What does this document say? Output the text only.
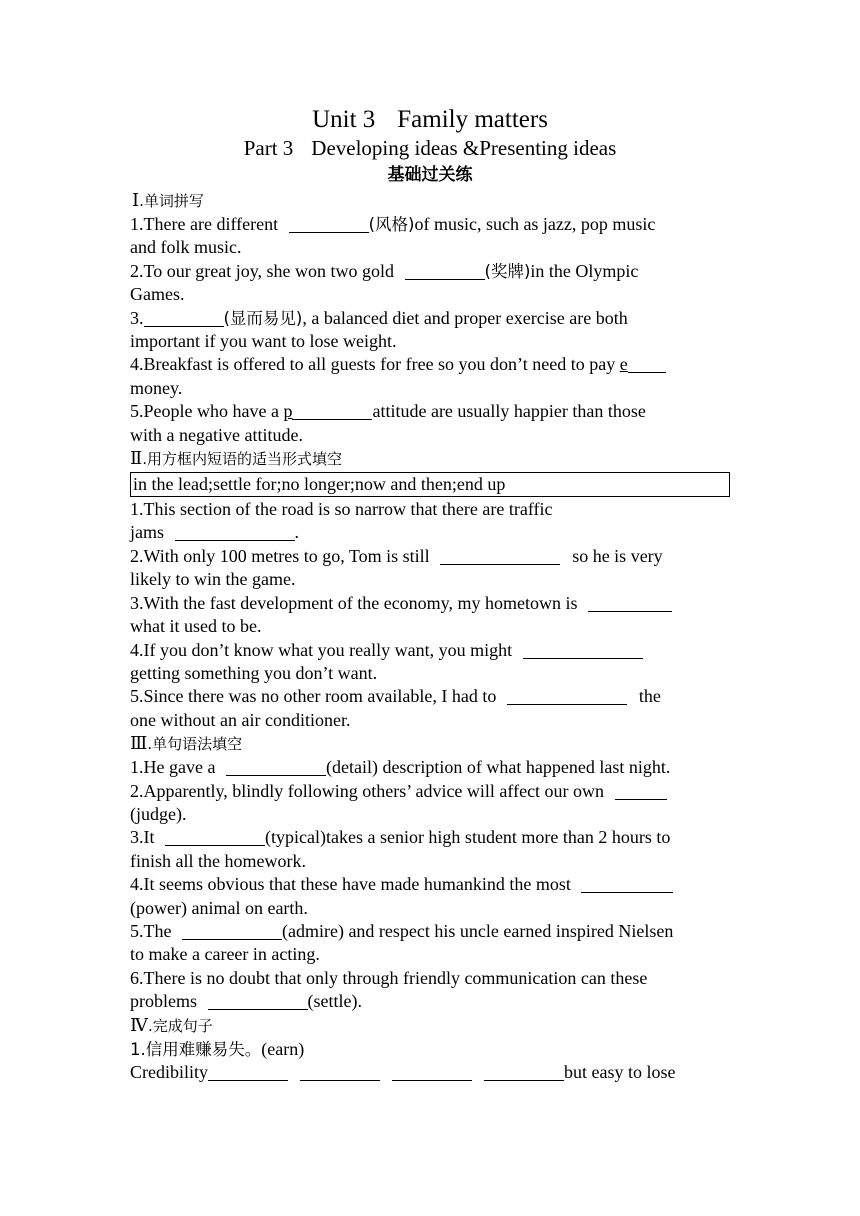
Unit 3 Family matters

Part 3 Developing ideas &Presenting ideas

基础过关练

Ⅰ.单词拼写

1.There are different	(风格)of music, such as jazz, pop music
and folk music.

2.To our great joy, she won two gold	(奖牌)in the Olympic
Games.

3.	(显而易见), a balanced diet and proper exercise are both
important if you want to lose weight.

4.Breakfast is offered to all guests for free so you don’t need to pay e
money.

5.People who have a p	attitude are usually happier than those
with a negative attitude.

Ⅱ.用方框内短语的适当形式填空

in the lead;settle for;no longer;now and then;end up

1.This section of the road is so narrow that there are traffic
jams	.

2.With only 100 metres to go, Tom is still	so he is very
likely to win the game.

3.With the fast development of the economy, my hometown is
what it used to be.

4.If you don’t know what you really want, you might
getting something you don’t want.

5.Since there was no other room available, I had to	the
one without an air conditioner.

Ⅲ.单句语法填空

1.He gave a	(detail) description of what happened last night.

2.Apparently, blindly following others’ advice will affect our own
(judge).

3.It	(typical)takes a senior high student more than 2 hours to
finish all the homework.

4.It seems obvious that these have made humankind the most
(power) animal on earth.

5.The	(admire) and respect his uncle earned inspired Nielsen
to make a career in acting.

6.There is no doubt that only through friendly communication can these
problems	(settle).

Ⅳ.完成句子

1.信用难赚易失。(earn)

Credibility	but easy to lose
